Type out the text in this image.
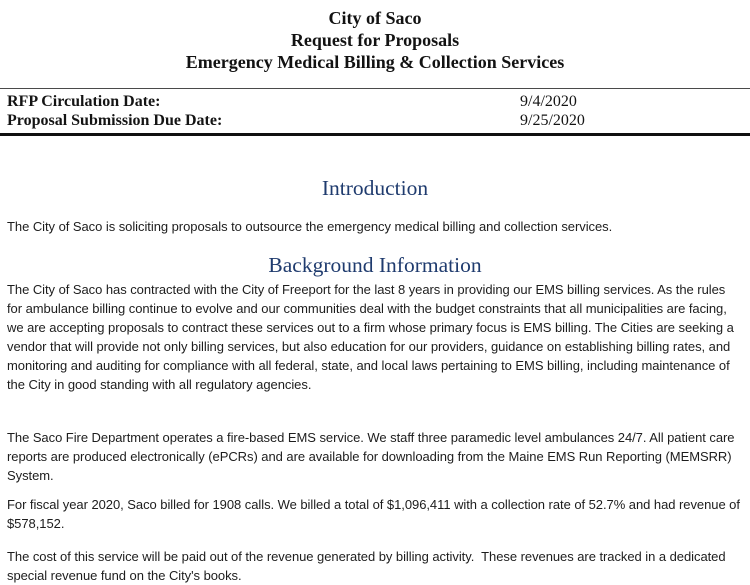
City of Saco
Request for Proposals
Emergency Medical Billing & Collection Services
RFP Circulation Date:	9/4/2020
Proposal Submission Due Date:	9/25/2020
Introduction

The City of Saco is soliciting proposals to outsource the emergency medical billing and collection services.

Background Information

The City of Saco has contracted with the City of Freeport for the last 8 years in providing our EMS billing services. As the rules for ambulance billing continue to evolve and our communities deal with the budget constraints that all municipalities are facing, we are accepting proposals to contract these services out to a firm whose primary focus is EMS billing. The Cities are seeking a vendor that will provide not only billing services, but also education for our providers, guidance on establishing billing rates, and monitoring and auditing for compliance with all federal, state, and local laws pertaining to EMS billing, including maintenance of the City in good standing with all regulatory agencies.

The Saco Fire Department operates a fire-based EMS service. We staff three paramedic level ambulances 24/7. All patient care reports are produced electronically (ePCRs) and are available for downloading from the Maine EMS Run Reporting (MEMSRR) System.

For fiscal year 2020, Saco billed for 1908 calls. We billed a total of $1,096,411 with a collection rate of 52.7% and had revenue of $578,152.

The cost of this service will be paid out of the revenue generated by billing activity.  These revenues are tracked in a dedicated special revenue fund on the City's books.
